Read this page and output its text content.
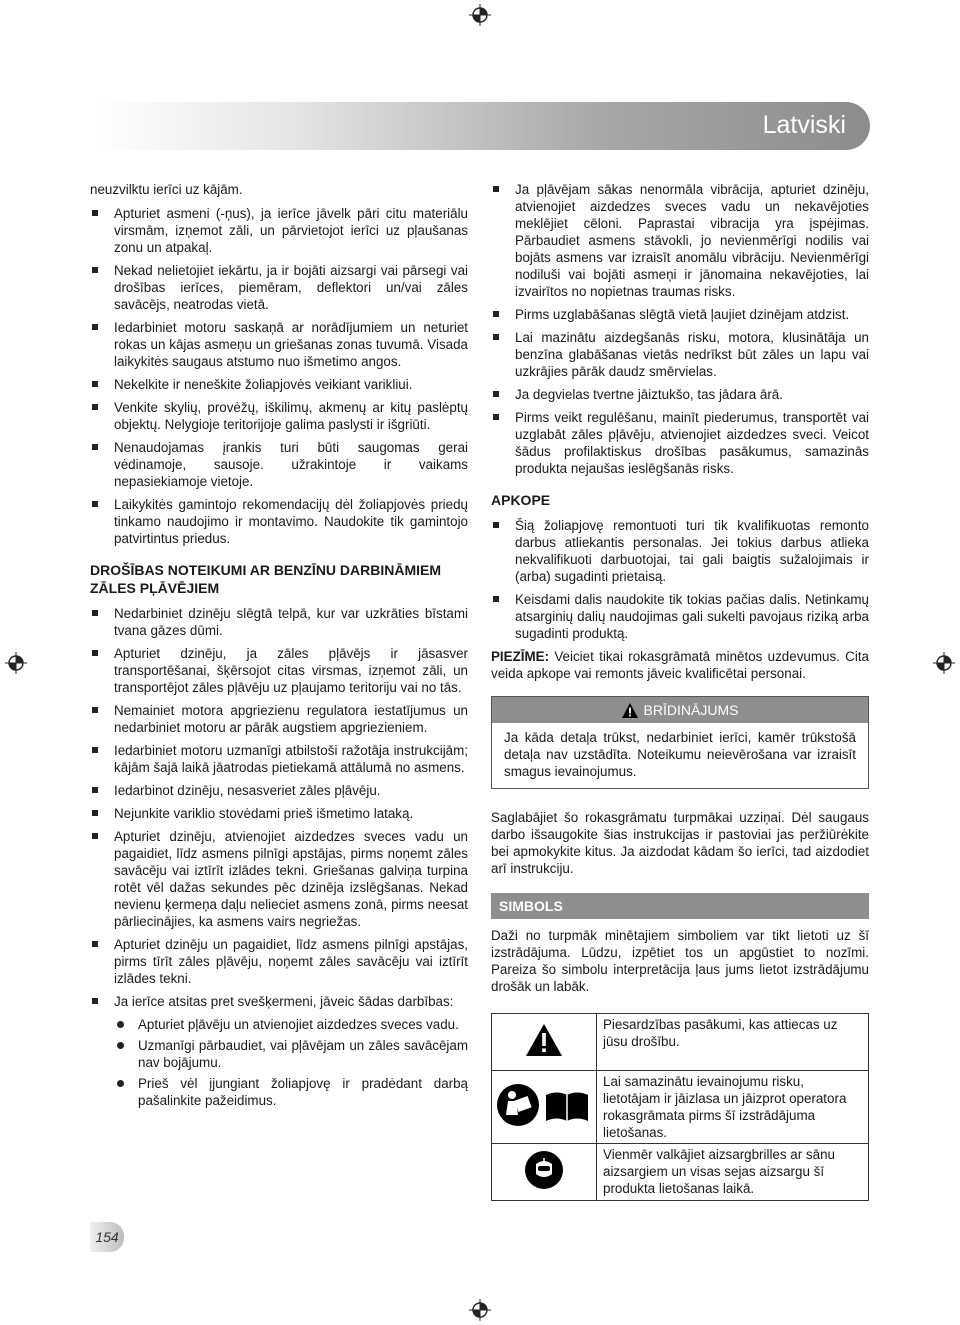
Latviski

neuzvilktu ierīci uz kājām.

Apturiet asmeni (-ņus), ja ierīce jāvelk pāri citu materiālu virsmām, izņemot zāli, un pārvietojot ierīci uz pļaušanas zonu un atpakaļ.

Nekad nelietojiet iekārtu, ja ir bojāti aizsargi vai pārsegi vai drošības ierīces, piemēram, deflektori un/vai zāles savācējs, neatrodas vietā.

Iedarbiniet motoru saskaņā ar norādījumiem un neturiet rokas un kājas asmeņu un griešanas zonas tuvumā. Visada laikykitės saugaus atstumo nuo išmetimo angos.

Nekelkite ir neneškite žoliapjovės veikiant varikliui.

Venkite skylių, provėžų, iškilimų, akmenų ar kitų paslėptų objektų. Nelygioje teritorijoje galima paslysti ir išgriūti.

Nenaudojamas įrankis turi būti saugomas gerai vėdinamoje, sausoje. užrakintoje ir vaikams nepasiekiamoje vietoje.

Laikykitės gamintojo rekomendacijų dėl žoliapjovės priedų tinkamo naudojimo ir montavimo. Naudokite tik gamintojo patvirtintus priedus.

DROŠĪBAS NOTEIKUMI AR BENZĪNU DARBINĀMIEM ZĀLES PĻĀVĒJIEM

Nedarbiniet dzinēju slēgtā telpā, kur var uzkrāties bīstami tvana gāzes dūmi.

Apturiet dzinēju, ja zāles pļāvējs ir jāsasver transportēšanai, šķērsojot citas virsmas, izņemot zāli, un transportējot zāles pļāvēju uz pļaujamo teritoriju vai no tās.

Nemainiet motora apgriezienu regulatora iestatījumus un nedarbiniet motoru ar pārāk augstiem apgriezieniem.

Iedarbiniet motoru uzmanīgi atbilstoši ražotāja instrukcijām; kājām šajā laikā jāatrodas pietiekamā attālumā no asmens.

Iedarbinot dzinēju, nesasveriet zāles pļāvēju.

Nejunkite variklio stovėdami prieš išmetimo lataką.

Apturiet dzinēju, atvienojiet aizdedzes sveces vadu un pagaidiet, līdz asmens pilnīgi apstājas, pirms noņemt zāles savācēju vai iztīrīt izlādes tekni. Griešanas galviņa turpina rotēt vēl dažas sekundes pēc dzinēja izslēgšanas. Nekad nevienu ķermeņa daļu nelieciet asmens zonā, pirms neesat pārliecinājies, ka asmens vairs negriežas.

Apturiet dzinēju un pagaidiet, līdz asmens pilnīgi apstājas, pirms tīrīt zāles pļāvēju, noņemt zāles savācēju vai iztīrīt izlādes tekni.

Ja ierīce atsitas pret svešķermeni, jāveic šādas darbības:

Apturiet pļāvēju un atvienojiet aizdedzes sveces vadu.

Uzmanīgi pārbaudiet, vai pļāvējam un zāles savācējam nav bojājumu.

Prieš vėl įjungiant žoliapjovę ir pradėdant darbą pašalinkite pažeidimus.

Ja pļāvējam sākas nenormāla vibrācija, apturiet dzinēju, atvienojiet aizdedzes sveces vadu un nekavējoties meklējiet cēloni. Paprastai vibracija yra įspėjimas. Pārbaudiet asmens stāvokli, jo nevienmērīgi nodilis vai bojāts asmens var izraisīt anomālu vibrāciju. Nevienmērīgi nodiluši vai bojāti asmeņi ir jānomaina nekavējoties, lai izvairītos no nopietnas traumas risks.

Pirms uzglabāšanas slēgtā vietā ļaujiet dzinējam atdzist.

Lai mazinātu aizdegšanās risku, motora, klusinātāja un benzīna glabāšanas vietās nedrīkst būt zāles un lapu vai uzkrājies pārāk daudz smērvielas.

Ja degvielas tvertne jāiztukšo, tas jādara ārā.

Pirms veikt regulēšanu, mainīt piederumus, transportēt vai uzglabāt zāles pļāvēju, atvienojiet aizdedzes sveci. Veicot šādus profilaktiskus drošības pasākumus, samazinās produkta nejaušas ieslēgšanās risks.

APKOPE

Šią žoliapjovę remontuoti turi tik kvalifikuotas remonto darbus atliekantis personalas. Jei tokius darbus atlieka nekvalifikuoti darbuotojai, tai gali baigtis sužalojimais ir (arba) sugadinti prietaisą.

Keisdami dalis naudokite tik tokias pačias dalis. Netinkamų atsarginių dalių naudojimas gali sukelti pavojaus riziką arba sugadinti produktą.

PIEZĪME: Veiciet tikai rokasgrāmatā minētos uzdevumus. Cita veida apkope vai remonts jāveic kvalificētai personai.

BRĪDINĀJUMS
Ja kāda detaļa trūkst, nedarbiniet ierīci, kamēr trūkstošā detaļa nav uzstādīta. Noteikumu neievērošana var izraisīt smagus ievainojumus.

Saglabājiet šo rokasgrāmatu turpmākai uzziņai. Dėl saugaus darbo išsaugokite šias instrukcijas ir pastoviai jas peržiūrėkite bei apmokykite kitus. Ja aizdodat kādam šo ierīci, tad aizdodiet arī instrukciju.

SIMBOLS

Daži no turpmāk minētajiem simboliem var tikt lietoti uz šī izstrādājuma. Lūdzu, izpētiet tos un apgūstiet to nozīmi. Pareiza šo simbolu interpretācija ļaus jums lietot izstrādājumu drošāk un labāk.

	Piesardzības pasākumi, kas attiecas uz jūsu drošību.
	Lai samazinātu ievainojumu risku, lietotājam ir jāizlasa un jāizprot operatora rokasgrāmata pirms šī izstrādājuma lietošanas.
	Vienmēr valkājiet aizsargbrilles ar sānu aizsargiem un visas sejas aizsargu šī produkta lietošanas laikā.
154
